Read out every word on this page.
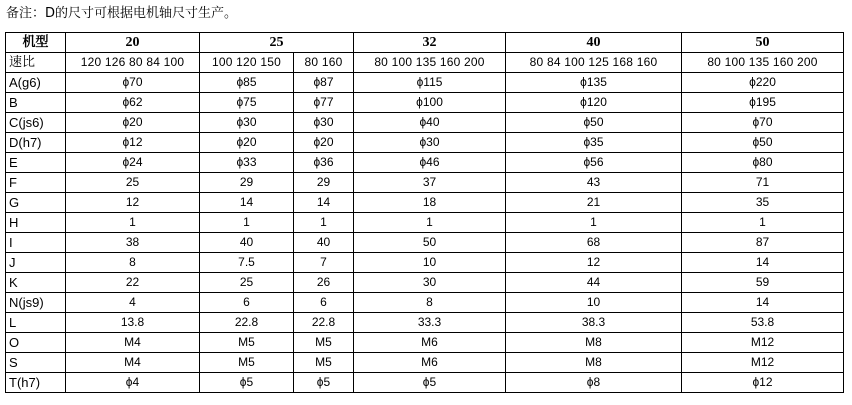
备注：D的尺寸可根据电机轴尺寸生产。
机型	20	25		32	40	50
速比	120 126 80 84 100	100 120 150	80 160	80 100 135 160 200	80 84 100 125 168 160	80 100 135 160 200
A(g6)	ϕ70	ϕ85	ϕ87	ϕ115	ϕ135	ϕ220
B	ϕ62	ϕ75	ϕ77	ϕ100	ϕ120	ϕ195
C(js6)	ϕ20	ϕ30	ϕ30	ϕ40	ϕ50	ϕ70
D(h7)	ϕ12	ϕ20	ϕ20	ϕ30	ϕ35	ϕ50
E	ϕ24	ϕ33	ϕ36	ϕ46	ϕ56	ϕ80
F	25	29	29	37	43	71
G	12	14	14	18	21	35
H	1	1	1	1	1	1
I	38	40	40	50	68	87
J	8	7.5	7	10	12	14
K	22	25	26	30	44	59
N(js9)	4	6	6	8	10	14
L	13.8	22.8	22.8	33.3	38.3	53.8
O	M4	M5	M5	M6	M8	M12
S	M4	M5	M5	M6	M8	M12
T(h7)	ϕ4	ϕ5	ϕ5	ϕ5	ϕ8	ϕ12
